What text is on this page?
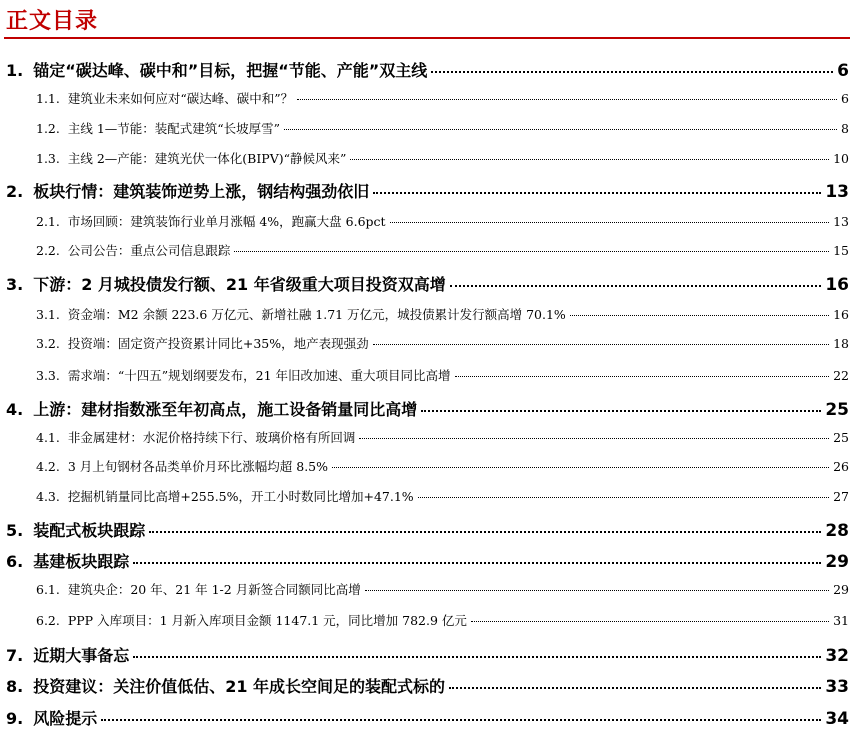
正文目录
1. 锚定“碳达峰、碳中和”目标，把握“节能、产能”双主线	6
1.1. 建筑业未来如何应对“碳达峰、碳中和”？	6
1.2. 主线 1—节能：装配式建筑“长坡厚雪”	8
1.3. 主线 2—产能：建筑光伏一体化(BIPV)“静候风来”	10
2. 板块行情：建筑装饰逆势上涨，钢结构强劲依旧	13
2.1. 市场回顾：建筑装饰行业单月涨幅 4%，跑赢大盘 6.6pct	13
2.2. 公司公告：重点公司信息跟踪	15
3. 下游：2 月城投债发行额、21 年省级重大项目投资双高增	16
3.1. 资金端：M2 余额 223.6 万亿元、新增社融 1.71 万亿元，城投债累计发行额高增 70.1%	16
3.2. 投资端：固定资产投资累计同比+35%，地产表现强劲	18
3.3. 需求端：“十四五”规划纲要发布，21 年旧改加速、重大项目同比高增	22
4. 上游：建材指数涨至年初高点，施工设备销量同比高增	25
4.1. 非金属建材：水泥价格持续下行、玻璃价格有所回调	25
4.2. 3 月上旬钢材各品类单价月环比涨幅均超 8.5%	26
4.3. 挖掘机销量同比高增+255.5%，开工小时数同比增加+47.1%	27
5. 装配式板块跟踪	28
6. 基建板块跟踪	29
6.1. 建筑央企：20 年、21 年 1-2 月新签合同额同比高增	29
6.2. PPP 入库项目：1 月新入库项目金额 1147.1 元，同比增加 782.9 亿元	31
7. 近期大事备忘	32
8. 投资建议：关注价值低估、21 年成长空间足的装配式标的	33
9. 风险提示	34
